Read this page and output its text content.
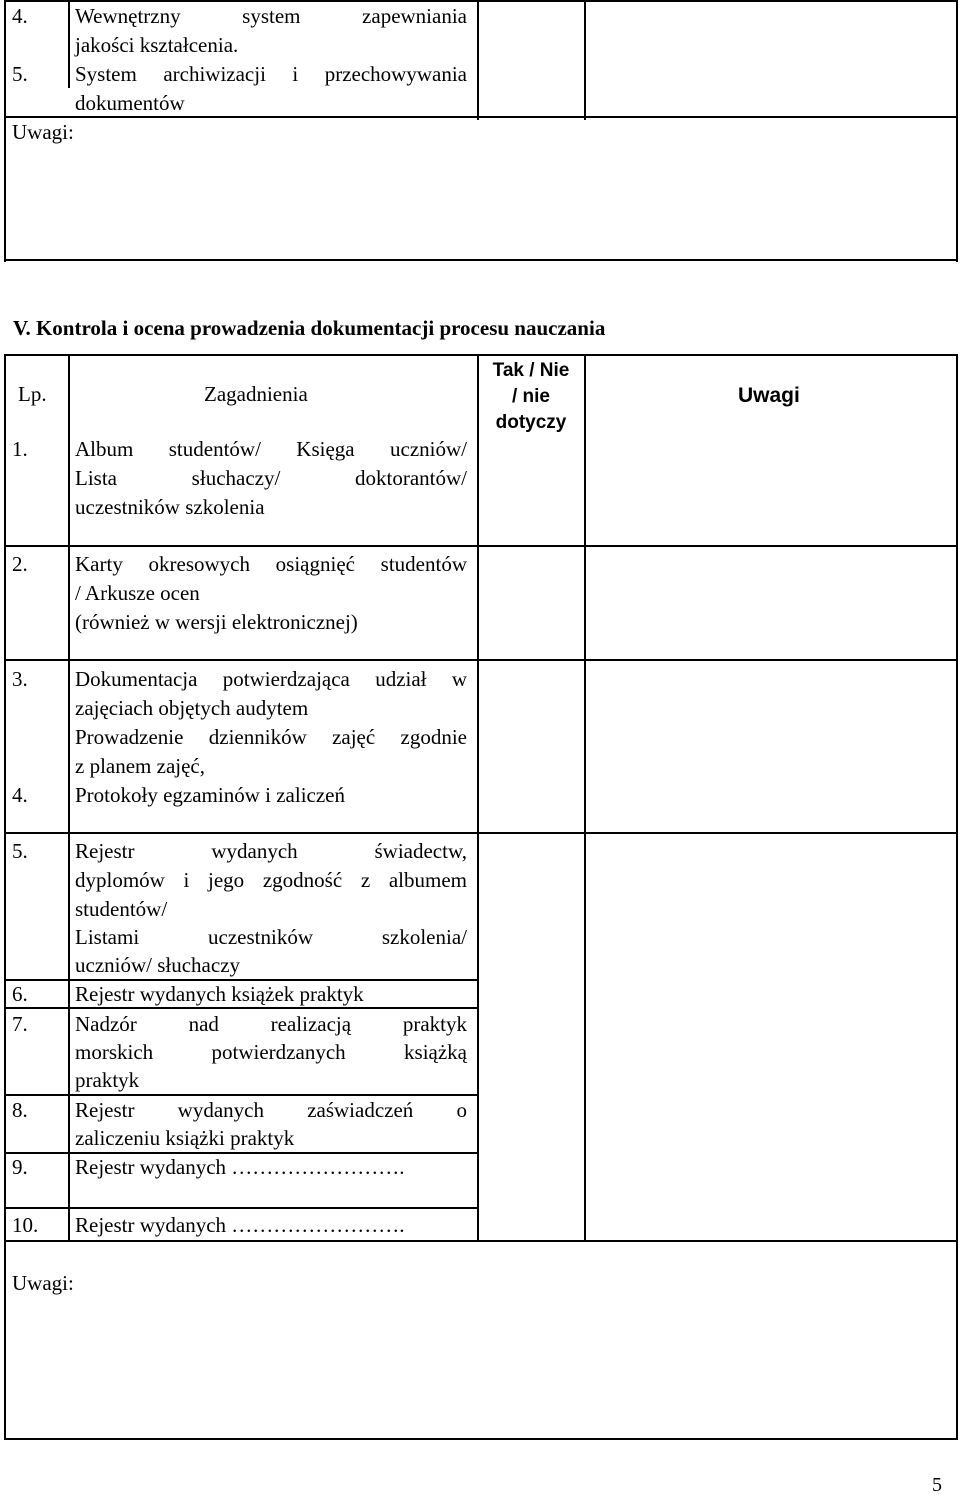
4.	Wewnętrzny system zapewniania
jakości kształcenia.
5.	System archiwizacji i przechowywania
dokumentów
Uwagi:
V. Kontrola i ocena prowadzenia dokumentacji procesu nauczania
Lp.	Zagadnienia
Tak / Nie
/ nie
dotyczy
Uwagi
1.	Album studentów/ Księga uczniów/
Lista słuchaczy/ doktorantów/
uczestników szkolenia
2.	Karty okresowych osiągnięć studentów
/ Arkusze ocen
(również w wersji elektronicznej)
3.	Dokumentacja potwierdzająca udział w
zajęciach objętych audytem
Prowadzenie dzienników zajęć zgodnie
z planem zajęć,
4.	Protokoły egzaminów i zaliczeń
5.	Rejestr wydanych świadectw,
dyplomów i jego zgodność z albumem
studentów/
Listami uczestników szkolenia/
uczniów/ słuchaczy
6.	Rejestr wydanych książek praktyk
7.	Nadzór nad realizacją praktyk
morskich potwierdzanych książką
praktyk
8.	Rejestr wydanych zaświadczeń o
zaliczeniu książki praktyk
9.	Rejestr wydanych …………………….
10.	Rejestr wydanych …………………….
Uwagi:
5
